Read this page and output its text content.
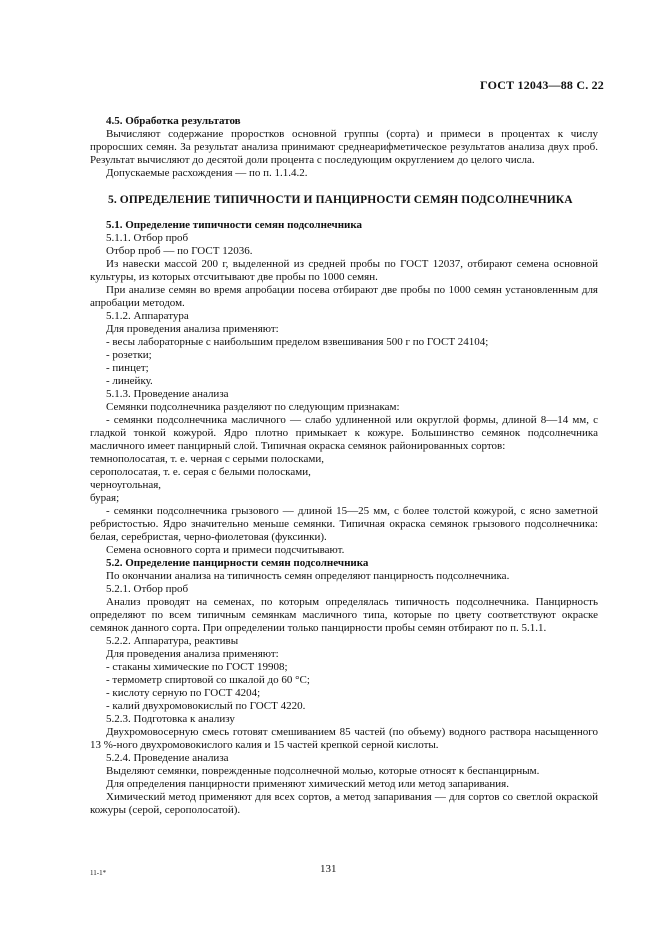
ГОСТ 12043—88 С. 22

4.5. Обработка результатов

Вычисляют содержание проростков основной группы (сорта) и примеси в процентах к числу проросших семян. За результат анализа принимают среднеарифметическое результатов анализа двух проб. Результат вычисляют до десятой доли процента с последующим округлением до целого числа.

Допускаемые расхождения — по п. 1.1.4.2.

5. ОПРЕДЕЛЕНИЕ ТИПИЧНОСТИ И ПАНЦИРНОСТИ СЕМЯН ПОДСОЛНЕЧНИКА

5.1. Определение типичности семян подсолнечника

5.1.1. Отбор проб

Отбор проб — по ГОСТ 12036.

Из навески массой 200 г, выделенной из средней пробы по ГОСТ 12037, отбирают семена основной культуры, из которых отсчитывают две пробы по 1000 семян.

При анализе семян во время апробации посева отбирают две пробы по 1000 семян установленным для апробации методом.

5.1.2. Аппаратура

Для проведения анализа применяют:

- весы лабораторные с наибольшим пределом взвешивания 500 г по ГОСТ 24104;

- розетки;

- пинцет;

- линейку.

5.1.3. Проведение анализа

Семянки подсолнечника разделяют по следующим признакам:

- семянки подсолнечника масличного — слабо удлиненной или округлой формы, длиной 8—14 мм, с гладкой тонкой кожурой. Ядро плотно примыкает к кожуре. Большинство семянок подсолнечника масличного имеет панцирный слой. Типичная окраска семянок районированных сортов:

темнополосатая, т. е. черная с серыми полосками,

серополосатая, т. е. серая с белыми полосками,

черноугольная,

бурая;

- семянки подсолнечника грызового — длиной 15—25 мм, с более толстой кожурой, с ясно заметной ребристостью. Ядро значительно меньше семянки. Типичная окраска семянок грызового подсолнечника: белая, серебристая, черно-фиолетовая (фуксинки).

Семена основного сорта и примеси подсчитывают.

5.2. Определение панцирности семян подсолнечника

По окончании анализа на типичность семян определяют панцирность подсолнечника.

5.2.1. Отбор проб

Анализ проводят на семенах, по которым определялась типичность подсолнечника. Панцирность определяют по всем типичным семянкам масличного типа, которые по цвету соответствуют окраске семянок данного сорта. При определении только панцирности пробы семян отбирают по п. 5.1.1.

5.2.2. Аппаратура, реактивы

Для проведения анализа применяют:

- стаканы химические по ГОСТ 19908;

- термометр спиртовой со шкалой до 60 °С;

- кислоту серную по ГОСТ 4204;

- калий двухромовокислый по ГОСТ 4220.

5.2.3. Подготовка к анализу

Двухромовосерную смесь готовят смешиванием 85 частей (по объему) водного раствора насыщенного 13 %-ного двухромовокислого калия и 15 частей крепкой серной кислоты.

5.2.4. Проведение анализа

Выделяют семянки, поврежденные подсолнечной молью, которые относят к беспанцирным.

Для определения панцирности применяют химический метод или метод запаривания.

Химический метод применяют для всех сортов, а метод запаривания — для сортов со светлой окраской кожуры (серой, серополосатой).

11-1*	131
